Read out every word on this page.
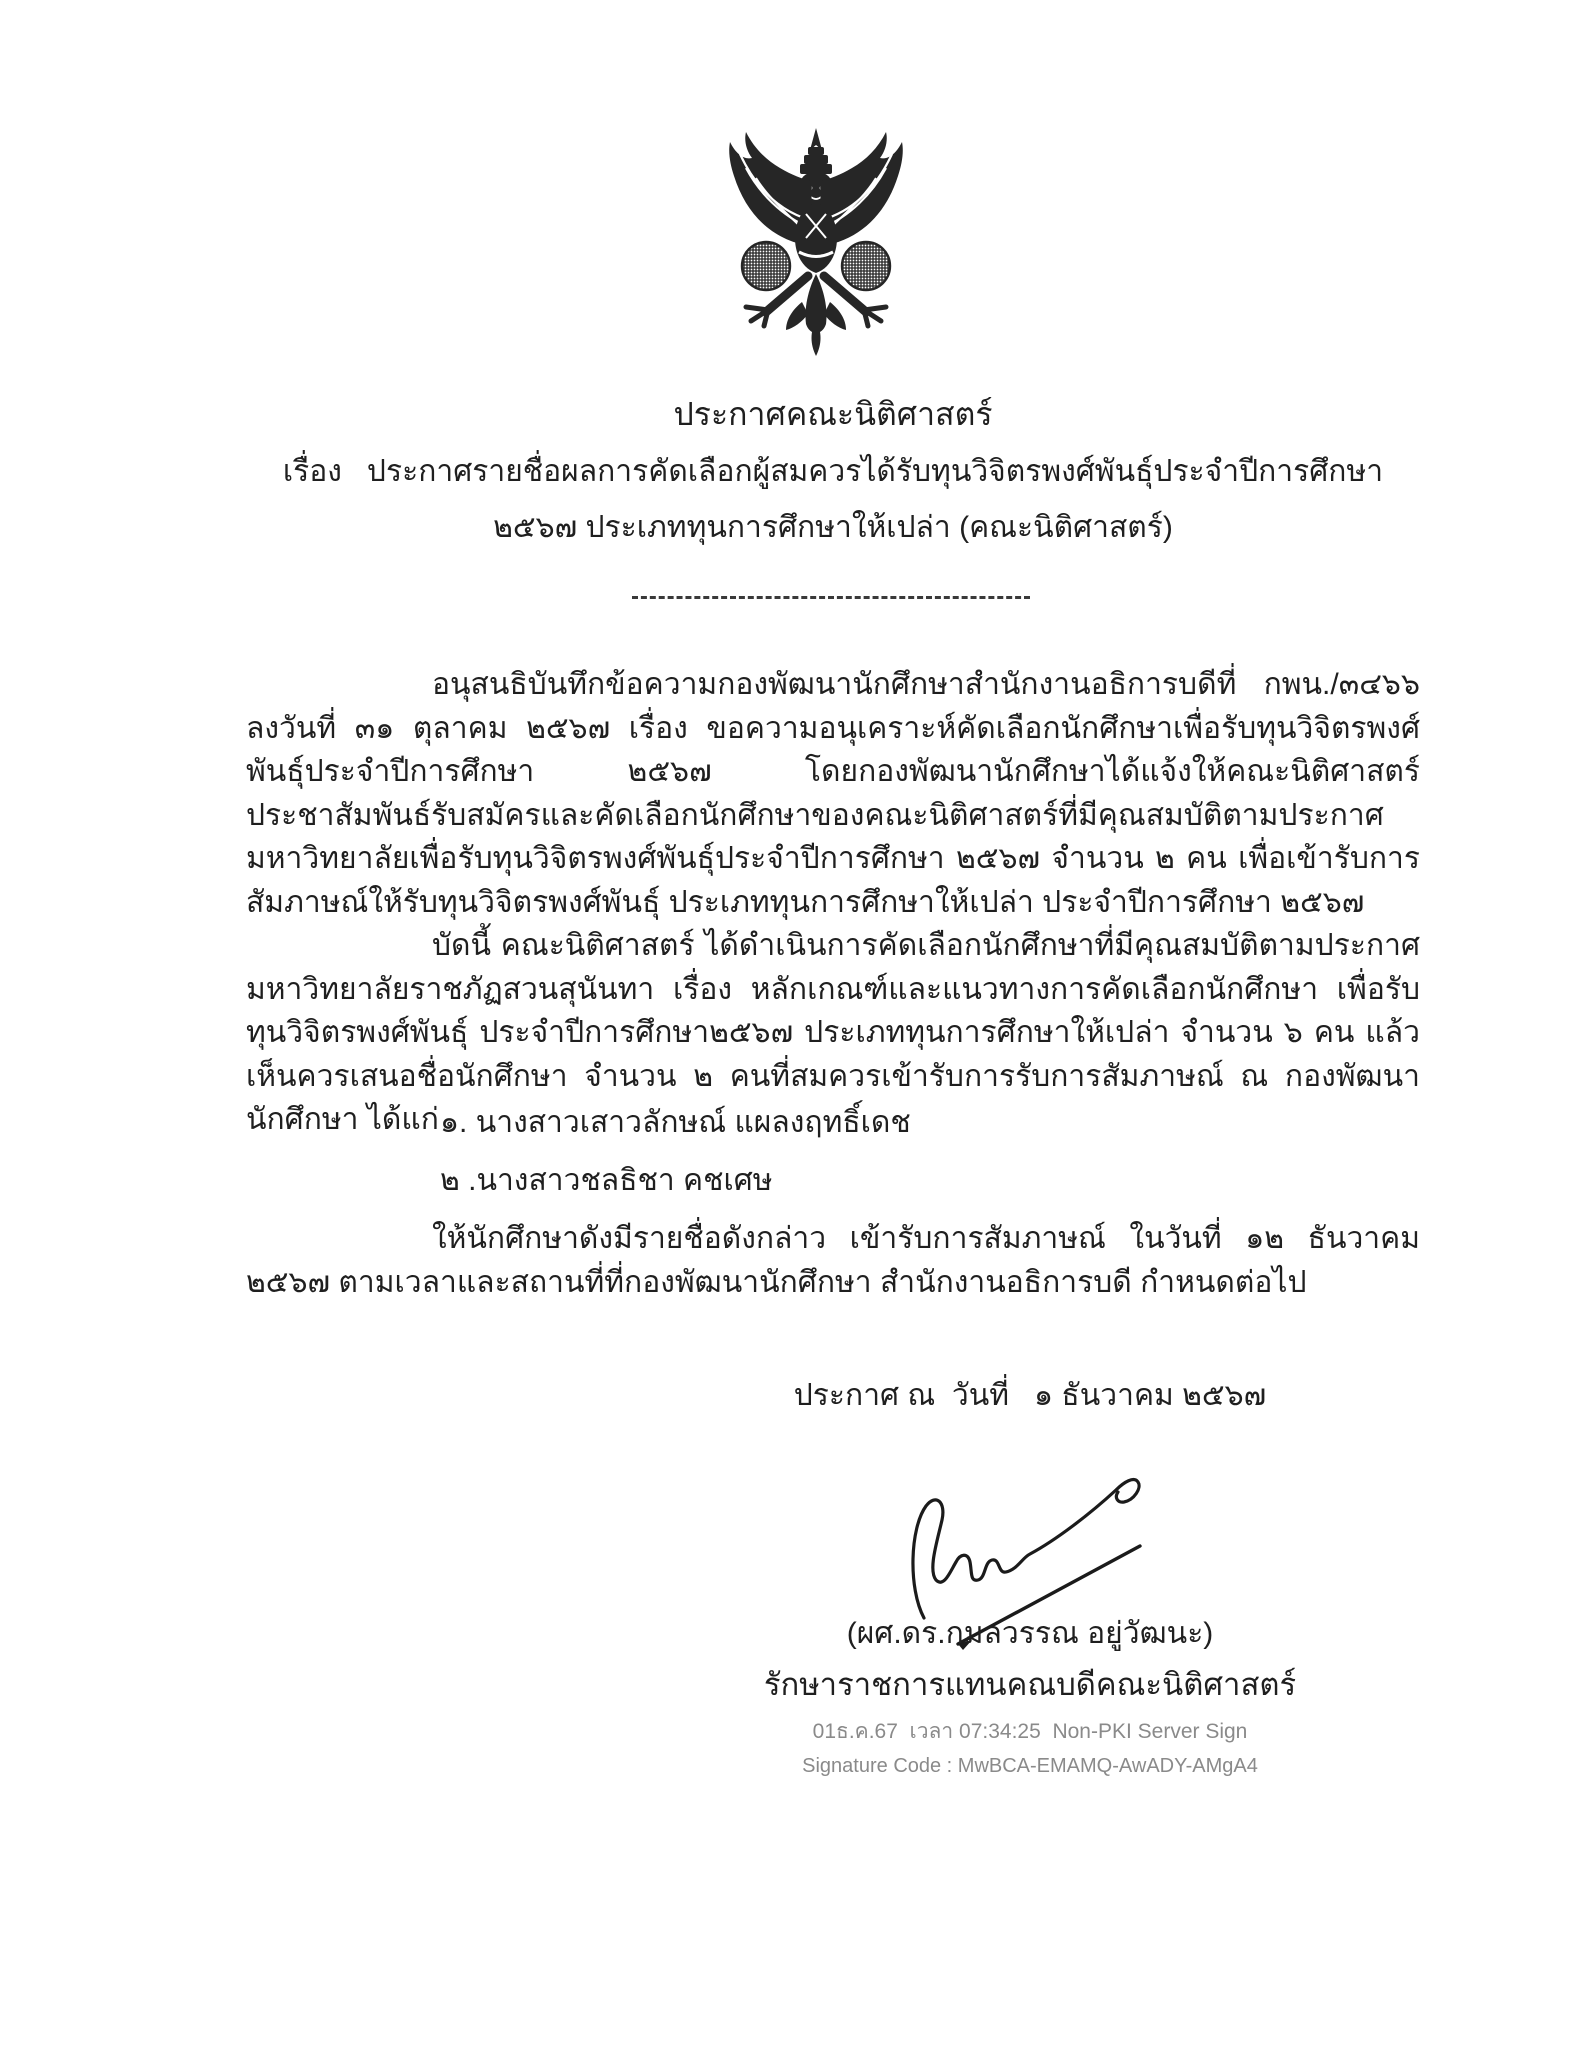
ประกาศคณะนิติศาสตร์
เรื่อง   ประกาศรายชื่อผลการคัดเลือกผู้สมควรได้รับทุนวิจิตรพงศ์พันธุ์ประจำปีการศึกษา
๒๕๖๗ ประเภททุนการศึกษาให้เปล่า (คณะนิติศาสตร์)
อนุสนธิบันทึกข้อความกองพัฒนานักศึกษาสำนักงานอธิการบดีที่ กพน./๓๔๖๖ ลงวันที่ ๓๑ ตุลาคม ๒๕๖๗ เรื่อง ขอความอนุเคราะห์คัดเลือกนักศึกษาเพื่อรับทุนวิจิตรพงศ์พันธุ์ประจำปีการศึกษา ๒๕๖๗ โดยกองพัฒนานักศึกษาได้แจ้งให้คณะนิติศาสตร์ประชาสัมพันธ์รับสมัครและคัดเลือกนักศึกษาของคณะนิติศาสตร์ที่มีคุณสมบัติตามประกาศมหาวิทยาลัยเพื่อรับทุนวิจิตรพงศ์พันธุ์ประจำปีการศึกษา ๒๕๖๗ จำนวน ๒ คน เพื่อเข้ารับการสัมภาษณ์ให้รับทุนวิจิตรพงศ์พันธุ์ ประเภททุนการศึกษาให้เปล่า ประจำปีการศึกษา ๒๕๖๗
บัดนี้ คณะนิติศาสตร์ ได้ดำเนินการคัดเลือกนักศึกษาที่มีคุณสมบัติตามประกาศมหาวิทยาลัยราชภัฏสวนสุนันทา เรื่อง หลักเกณฑ์และแนวทางการคัดเลือกนักศึกษา เพื่อรับทุนวิจิตรพงศ์พันธุ์ ประจำปีการศึกษา๒๕๖๗ ประเภททุนการศึกษาให้เปล่า จำนวน ๖ คน แล้ว เห็นควรเสนอชื่อนักศึกษา จำนวน ๒ คนที่สมควรเข้ารับการรับการสัมภาษณ์ ณ กองพัฒนานักศึกษา ได้แก่ ๑. นางสาวเสาวลักษณ์ แผลงฤทธิ์เดช
๒ .นางสาวชลธิชา คชเศษ
ให้นักศึกษาดังมีรายชื่อดังกล่าว เข้ารับการสัมภาษณ์ ในวันที่ ๑๒ ธันวาคม ๒๕๖๗ ตามเวลาและสถานที่ที่กองพัฒนานักศึกษา สำนักงานอธิการบดี กำหนดต่อไป
ประกาศ ณ  วันที่   ๑ ธันวาคม ๒๕๖๗
(ผศ.ดร.กมลวรรณ อยู่วัฒนะ)
รักษาราชการแทนคณบดีคณะนิติศาสตร์
01ธ.ค.67  เวลา 07:34:25  Non-PKI Server Sign
Signature Code : MwBCA-EMAMQ-AwADY-AMgA4
